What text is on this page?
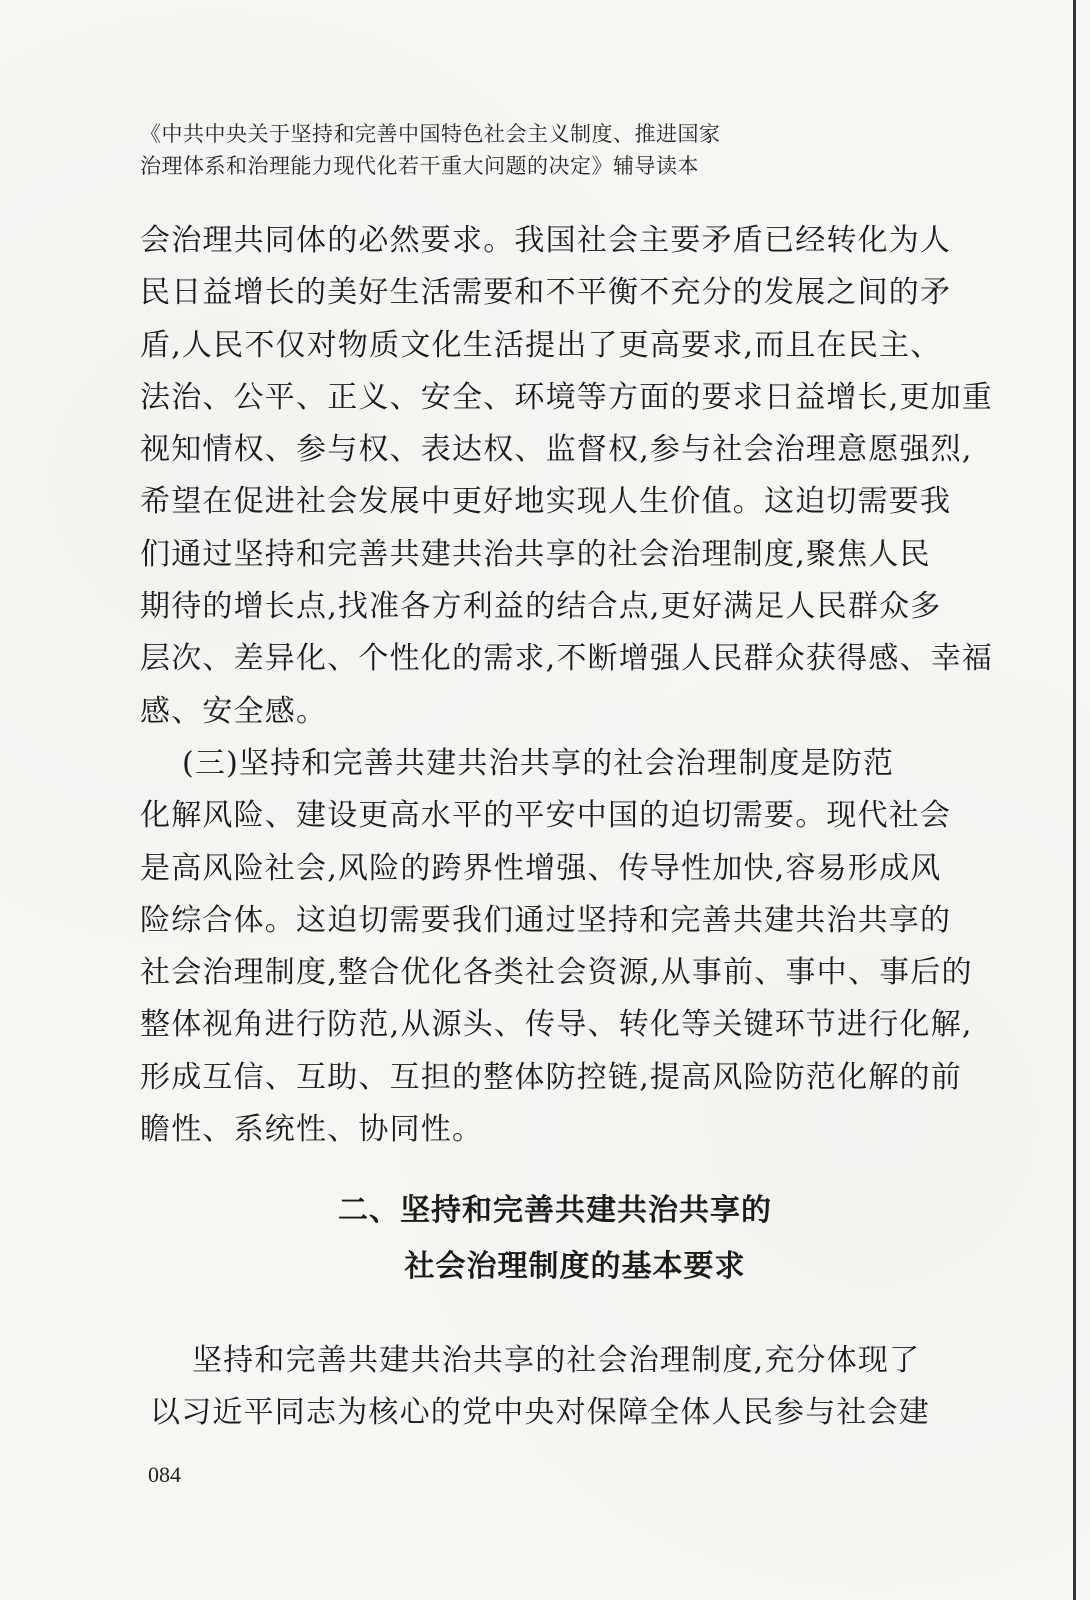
《中共中央关于坚持和完善中国特色社会主义制度、推进国家
治理体系和治理能力现代化若干重大问题的决定》辅导读本
会治理共同体的必然要求。我国社会主要矛盾已经转化为人
民日益增长的美好生活需要和不平衡不充分的发展之间的矛
盾,人民不仅对物质文化生活提出了更高要求,而且在民主、
法治、公平、正义、安全、环境等方面的要求日益增长,更加重
视知情权、参与权、表达权、监督权,参与社会治理意愿强烈,
希望在促进社会发展中更好地实现人生价值。这迫切需要我
们通过坚持和完善共建共治共享的社会治理制度,聚焦人民
期待的增长点,找准各方利益的结合点,更好满足人民群众多
层次、差异化、个性化的需求,不断增强人民群众获得感、幸福
感、安全感。
(三)坚持和完善共建共治共享的社会治理制度是防范
化解风险、建设更高水平的平安中国的迫切需要。现代社会
是高风险社会,风险的跨界性增强、传导性加快,容易形成风
险综合体。这迫切需要我们通过坚持和完善共建共治共享的
社会治理制度,整合优化各类社会资源,从事前、事中、事后的
整体视角进行防范,从源头、传导、转化等关键环节进行化解,
形成互信、互助、互担的整体防控链,提高风险防范化解的前
瞻性、系统性、协同性。
二、坚持和完善共建共治共享的
社会治理制度的基本要求
坚持和完善共建共治共享的社会治理制度,充分体现了
以习近平同志为核心的党中央对保障全体人民参与社会建
084
